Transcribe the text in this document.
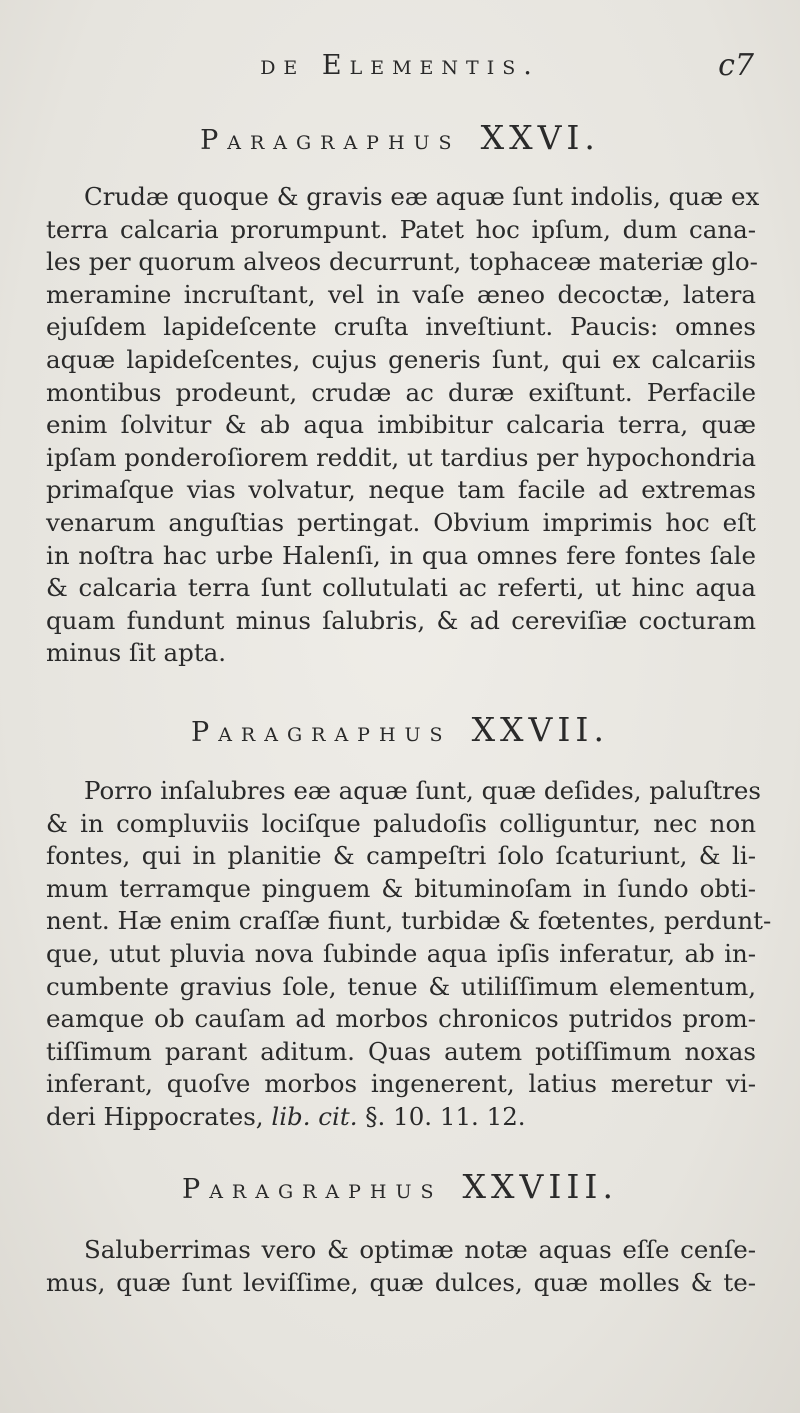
de Elementis.	c7
Paragraphus XXVI.
Crudæ quoque & gravis eæ aquæ ſunt indolis, quæ ex
terra calcaria prorumpunt. Patet hoc ipſum, dum cana-
les per quorum alveos decurrunt, tophaceæ materiæ glo-
meramine incruſtant, vel in vaſe æneo decoctæ, latera
ejuſdem lapideſcente cruſta inveſtiunt. Paucis: omnes
aquæ lapideſcentes, cujus generis ſunt, qui ex calcariis
montibus prodeunt, crudæ ac duræ exiſtunt. Perfacile
enim ſolvitur & ab aqua imbibitur calcaria terra, quæ
ipſam ponderoſiorem reddit, ut tardius per hypochondria
primaſque vias volvatur, neque tam facile ad extremas
venarum anguſtias pertingat. Obvium imprimis hoc eſt
in noſtra hac urbe Halenſi, in qua omnes fere fontes ſale
& calcaria terra ſunt collutulati ac referti, ut hinc aqua
quam fundunt minus ſalubris, & ad cereviſiæ cocturam
minus ſit apta.
Paragraphus XXVII.
Porro inſalubres eæ aquæ ſunt, quæ deſides, paluſtres
& in compluviis lociſque paludoſis colliguntur, nec non
fontes, qui in planitie & campeſtri ſolo ſcaturiunt, & li-
mum terramque pinguem & bituminoſam in ſundo obti-
nent. Hæ enim craſſæ fiunt, turbidæ & fœtentes, perdunt-
que, utut pluvia nova ſubinde aqua ipſis inferatur, ab in-
cumbente gravius ſole, tenue & utiliſſimum elementum,
eamque ob cauſam ad morbos chronicos putridos prom-
tiſſimum parant aditum. Quas autem potiſſimum noxas
inferant, quoſve morbos ingenerent, latius meretur vi-
deri Hippocrates, lib. cit. §. 10. 11. 12.
Paragraphus XXVIII.
Saluberrimas vero & optimæ notæ aquas eſſe cenſe-
mus, quæ ſunt leviſſime, quæ dulces, quæ molles & te-
